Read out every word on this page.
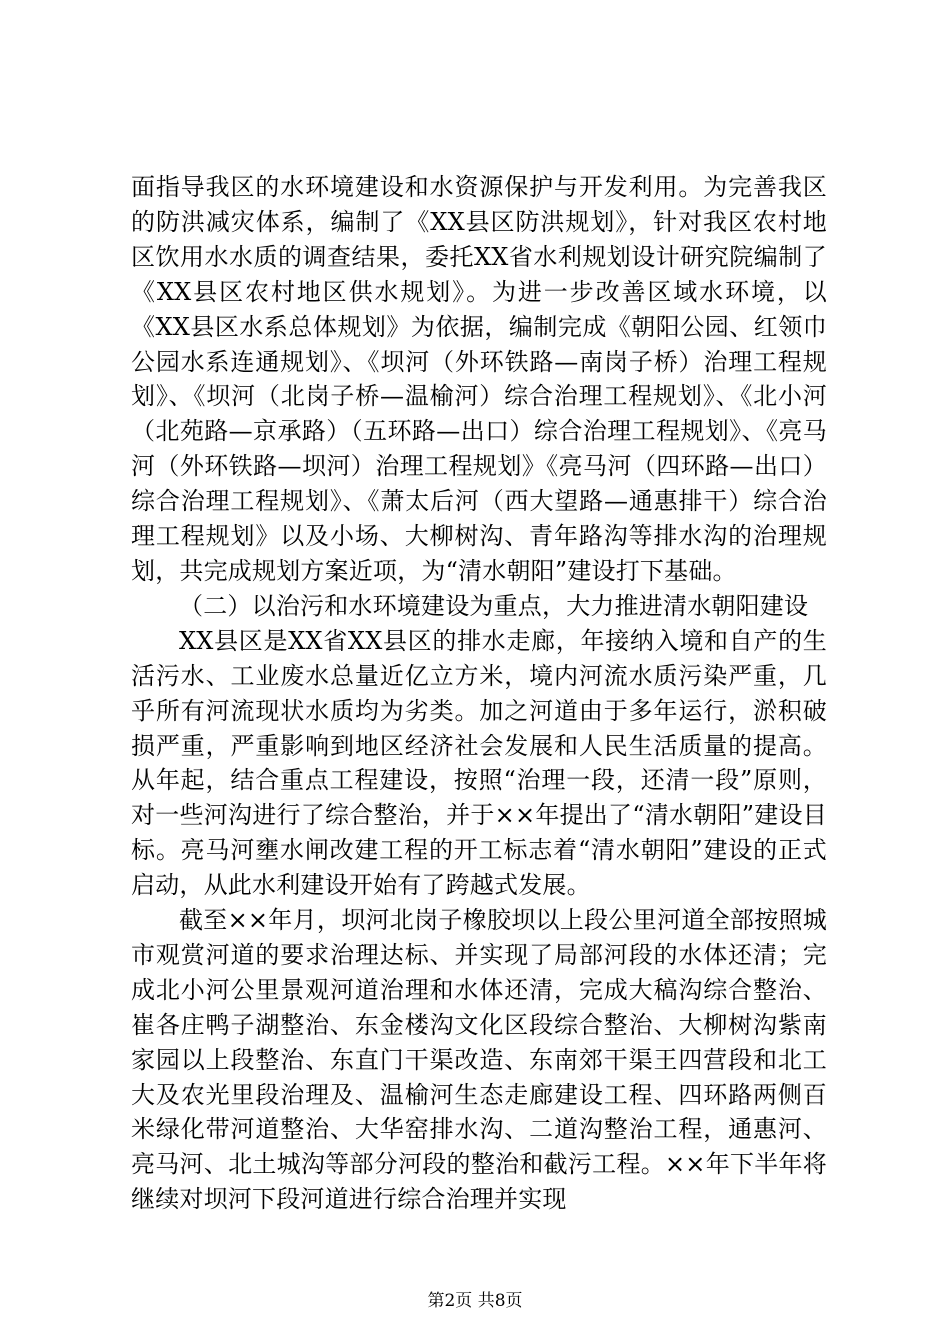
面指导我区的水环境建设和水资源保护与开发利用。为完善我区的防洪减灾体系，编制了《XX县区防洪规划》，针对我区农村地区饮用水水质的调查结果，委托XX省水利规划设计研究院编制了《XX县区农村地区供水规划》。为进一步改善区域水环境，以《XX县区水系总体规划》为依据，编制完成《朝阳公园、红领巾公园水系连通规划》、《坝河（外环铁路—南岗子桥）治理工程规划》、《坝河（北岗子桥—温榆河）综合治理工程规划》、《北小河（北苑路—京承路）（五环路—出口）综合治理工程规划》、《亮马河（外环铁路—坝河）治理工程规划》《亮马河（四环路—出口）综合治理工程规划》、《萧太后河（西大望路—通惠排干）综合治理工程规划》以及小场、大柳树沟、青年路沟等排水沟的治理规划，共完成规划方案近项，为“清水朝阳”建设打下基础。

（二）以治污和水环境建设为重点，大力推进清水朝阳建设

XX县区是XX省XX县区的排水走廊，年接纳入境和自产的生活污水、工业废水总量近亿立方米，境内河流水质污染严重，几乎所有河流现状水质均为劣类。加之河道由于多年运行，淤积破损严重，严重影响到地区经济社会发展和人民生活质量的提高。从年起，结合重点工程建设，按照“治理一段，还清一段”原则，对一些河沟进行了综合整治，并于××年提出了“清水朝阳”建设目标。亮马河壅水闸改建工程的开工标志着“清水朝阳”建设的正式启动，从此水利建设开始有了跨越式发展。

截至××年月，坝河北岗子橡胶坝以上段公里河道全部按照城市观赏河道的要求治理达标、并实现了局部河段的水体还清；完成北小河公里景观河道治理和水体还清，完成大稿沟综合整治、崔各庄鸭子湖整治、东金楼沟文化区段综合整治、大柳树沟紫南家园以上段整治、东直门干渠改造、东南郊干渠王四营段和北工大及农光里段治理及、温榆河生态走廊建设工程、四环路两侧百米绿化带河道整治、大华窑排水沟、二道沟整治工程，通惠河、亮马河、北土城沟等部分河段的整治和截污工程。××年下半年将继续对坝河下段河道进行综合治理并实现

第2页 共8页
